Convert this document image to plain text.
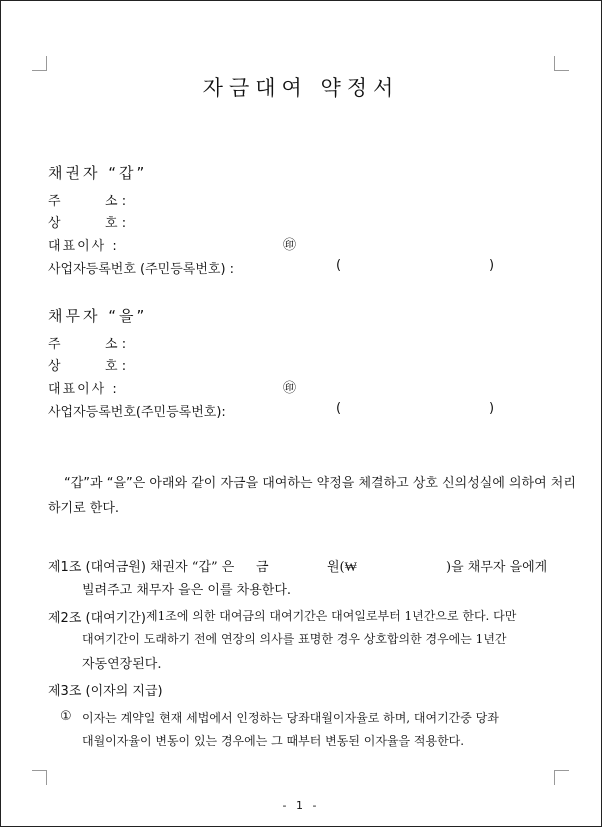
자금대여 약정서
채권자 “갑”
주	소 :
상	호 :
대표이사 :	㊞
사업자등록번호 (주민등록번호) :	(	)
채무자 “을”
주	소 :
상	호 :
대표이사 :	㊞
사업자등록번호(주민등록번호):	(	)
“갑”과 “을”은 아래와 같이 자금을 대여하는 약정을 체결하고 상호 신의성실에 의하여 처리
하기로 한다.
제1조 (대여금원) 채권자 “갑” 은 금	원(₩	)을 채무자 을에게
빌려주고 채무자 을은 이를 차용한다.
제2조 (대여기간) 제1조에 의한 대여금의 대여기간은 대여일로부터 1년간으로 한다. 다만
대여기간이 도래하기 전에 연장의 의사를 표명한 경우 상호합의한 경우에는 1년간
자동연장된다.
제3조 (이자의 지급)
① 이자는 계약일 현재 세법에서 인정하는 당좌대월이자율로 하며, 대여기간중 당좌
대월이자율이 변동이 있는 경우에는 그 때부터 변동된 이자율을 적용한다.
- 1 -
